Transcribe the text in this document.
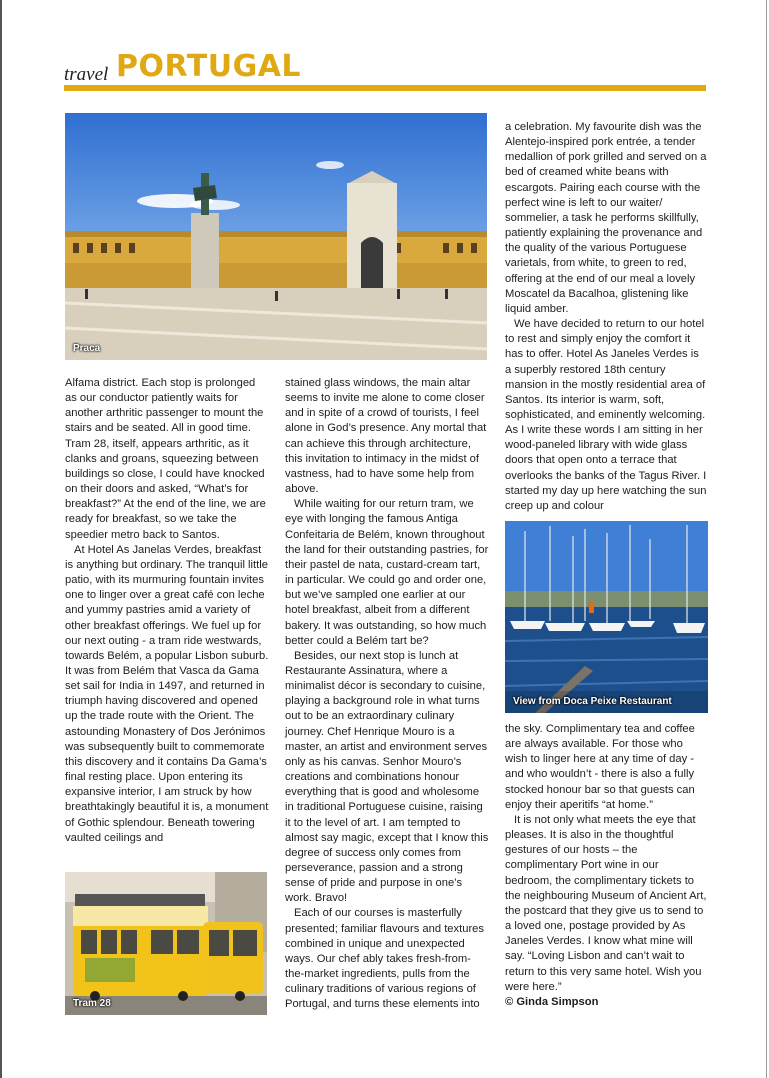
travel PORTUGAL
Praca
Tram 28
View from Doca Peixe Restaurant

Alfama district. Each stop is prolonged as our conductor patiently waits for another arthritic passenger to mount the stairs and be seated. All in good time. Tram 28, itself, appears arthritic, as it clanks and groans, squeezing between buildings so close, I could have knocked on their doors and asked, “What’s for breakfast?” At the end of the line, we are ready for breakfast, so we take the speedier metro back to Santos.

At Hotel As Janelas Verdes, breakfast is anything but ordinary. The tranquil little patio, with its murmuring fountain invites one to linger over a great café con leche and yummy pastries amid a variety of other breakfast offerings. We fuel up for our next outing - a tram ride westwards, towards Belém, a popular Lisbon suburb. It was from Belém that Vasca da Gama set sail for India in 1497, and returned in triumph having discovered and opened up the trade route with the Orient. The astounding Monastery of Dos Jerónimos was subsequently built to commemorate this discovery and it contains Da Gama’s final resting place. Upon entering its expansive interior, I am struck by how breathtakingly beautiful it is, a monument of Gothic splendour. Beneath towering vaulted ceilings and

stained glass windows, the main altar seems to invite me alone to come closer and in spite of a crowd of tourists, I feel alone in God’s presence. Any mortal that can achieve this through architecture, this invitation to intimacy in the midst of vastness, had to have some help from above.

While waiting for our return tram, we eye with longing the famous Antiga Confeitaria de Belém, known throughout the land for their outstanding pastries, for their pastel de nata, custard-cream tart, in particular. We could go and order one, but we’ve sampled one earlier at our hotel breakfast, albeit from a different bakery. It was outstanding, so how much better could a Belém tart be?

Besides, our next stop is lunch at Restaurante Assinatura, where a minimalist décor is secondary to cuisine, playing a background role in what turns out to be an extraordinary culinary journey. Chef Henrique Mouro is a master, an artist and environment serves only as his canvas. Senhor Mouro’s creations and combinations honour everything that is good and wholesome in traditional Portuguese cuisine, raising it to the level of art. I am tempted to almost say magic, except that I know this degree of success only comes from perseverance, passion and a strong sense of pride and purpose in one’s work. Bravo!

Each of our courses is masterfully presented; familiar flavours and textures combined in unique and unexpected ways. Our chef ably takes fresh-from-the-market ingredients, pulls from the culinary traditions of various regions of Portugal, and turns these elements into

a celebration. My favourite dish was the Alentejo-inspired pork entrée, a tender medallion of pork grilled and served on a bed of creamed white beans with escargots. Pairing each course with the perfect wine is left to our waiter/ sommelier, a task he performs skillfully, patiently explaining the provenance and the quality of the various Portuguese varietals, from white, to green to red, offering at the end of our meal a lovely Moscatel da Bacalhoa, glistening like liquid amber.

We have decided to return to our hotel to rest and simply enjoy the comfort it has to offer. Hotel As Janeles Verdes is a superbly restored 18th century mansion in the mostly residential area of Santos. Its interior is warm, soft, sophisticated, and eminently welcoming. As I write these words I am sitting in her wood-paneled library with wide glass doors that open onto a terrace that overlooks the banks of the Tagus River. I started my day up here watching the sun creep up and colour

the sky. Complimentary tea and coffee are always available. For those who wish to linger here at any time of day - and who wouldn’t - there is also a fully stocked honour bar so that guests can enjoy their aperitifs “at home.”

It is not only what meets the eye that pleases. It is also in the thoughtful gestures of our hosts – the complimentary Port wine in our bedroom, the complimentary tickets to the neighbouring Museum of Ancient Art, the postcard that they give us to send to a loved one, postage provided by As Janeles Verdes. I know what mine will say. “Loving Lisbon and can’t wait to return to this very same hotel. Wish you were here.”

© Ginda Simpson
